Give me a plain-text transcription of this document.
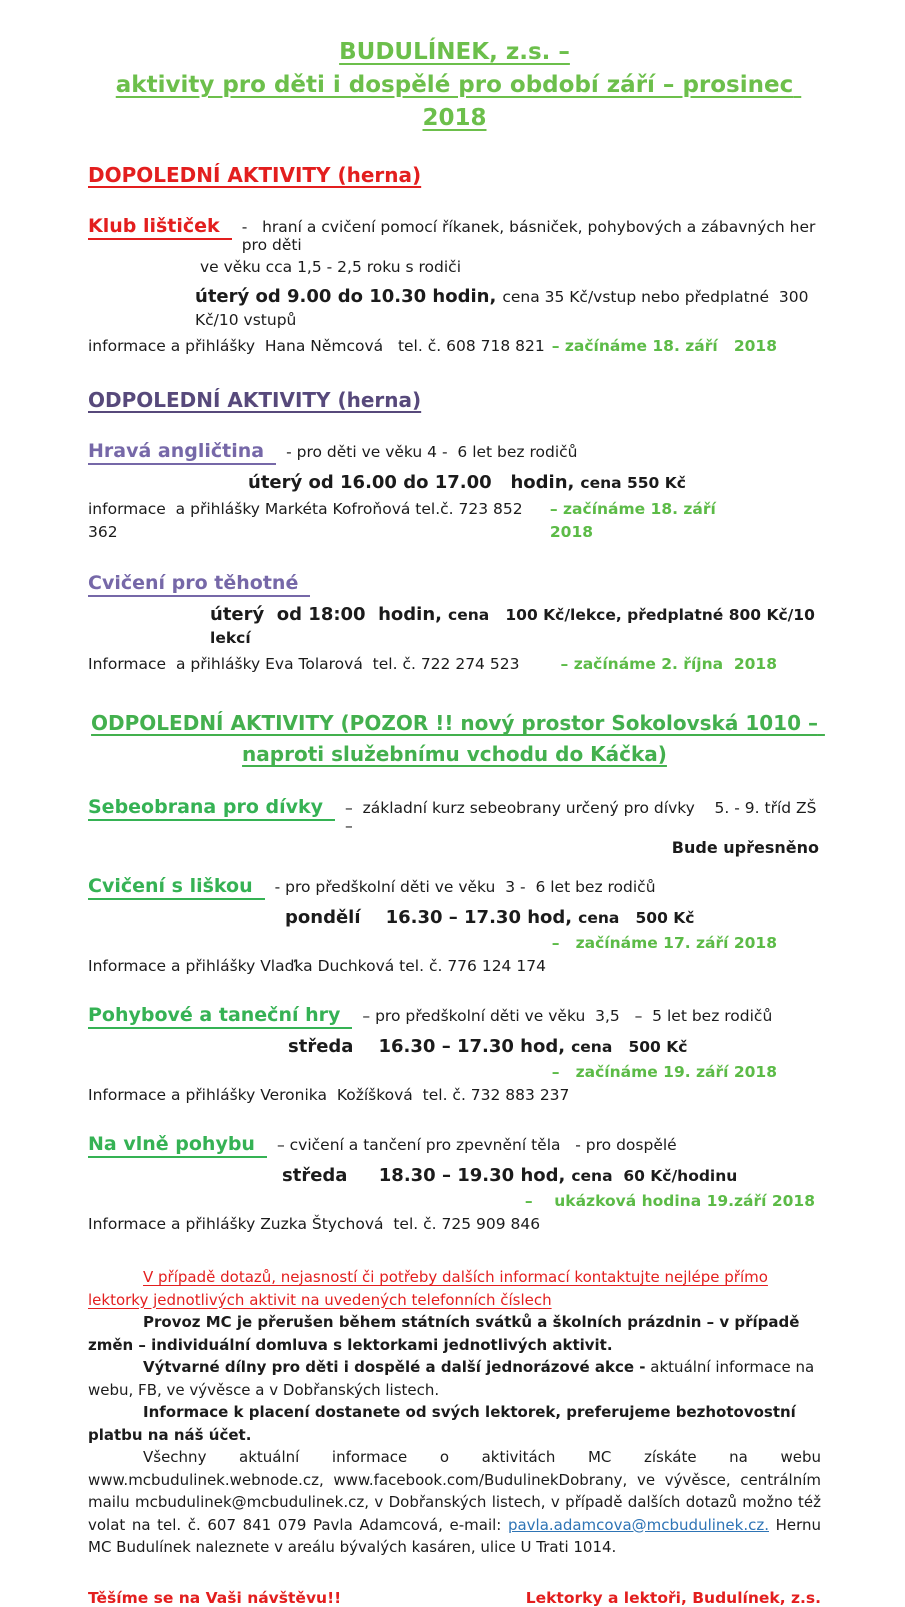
BUDULÍNEK, z.s. –
aktivity pro děti i dospělé pro období září – prosinec 2018
DOPOLEDNÍ AKTIVITY (herna)
Klub lištiček	-   hraní a cvičení pomocí říkanek, básniček, pohybových a zábavných her pro děti
ve věku cca 1,5 - 2,5 roku s rodiči
úterý od 9.00 do 10.30 hodin, cena 35 Kč/vstup nebo předplatné  300 Kč/10 vstupů
informace a přihlášky  Hana Němcová   tel. č. 608 718 821 – začínáme 18. září   2018
ODPOLEDNÍ AKTIVITY (herna)
Hravá angličtina	- pro děti ve věku 4 -  6 let bez rodičů
úterý od 16.00 do 17.00   hodin, cena 550 Kč
informace  a přihlášky Markéta Kofroňová tel.č. 723 852 362
– začínáme 18. září    2018
Cvičení pro těhotné
úterý  od 18:00  hodin, cena   100 Kč/lekce, předplatné 800 Kč/10 lekcí
Informace  a přihlášky Eva Tolarová  tel. č. 722 274 523	– začínáme 2. října  2018
ODPOLEDNÍ AKTIVITY (POZOR !! nový prostor Sokolovská 1010 – naproti služebnímu vchodu do Káčka)
Sebeobrana pro dívky	–  základní kurz sebeobrany určený pro dívky    5. - 9. tříd ZŠ –
Bude upřesněno
Cvičení s liškou	- pro předškolní děti ve věku  3 -  6 let bez rodičů
pondělí    16.30 – 17.30 hod, cena   500 Kč
–   začínáme 17. září 2018
Informace a přihlášky Vlaďka Duchková tel. č. 776 124 174
Pohybové a taneční hry	– pro předškolní děti ve věku  3,5   –  5 let bez rodičů
středa    16.30 – 17.30 hod, cena   500 Kč
–   začínáme 19. září 2018
Informace a přihlášky Veronika  Kožíšková  tel. č. 732 883 237
Na vlně pohybu	– cvičení a tančení pro zpevnění těla   - pro dospělé
středa     18.30 – 19.30 hod, cena  60 Kč/hodinu
–    ukázková hodina 19.září 2018
Informace a přihlášky Zuzka Štychová  tel. č. 725 909 846

V případě dotazů, nejasností či potřeby dalších informací kontaktujte nejlépe přímo lektorky jednotlivých aktivit na uvedených telefonních číslech

Provoz MC je přerušen během státních svátků a školních prázdnin – v případě změn – individuální domluva s lektorkami jednotlivých aktivit.

Výtvarné dílny pro děti i dospělé a další jednorázové akce - aktuální informace na webu, FB, ve vývěsce a v Dobřanských listech.

Informace k placení dostanete od svých lektorek, preferujeme bezhotovostní platbu na náš účet.

Všechny aktuální informace o aktivitách MC získáte na webu www.mcbudulinek.webnode.cz, www.facebook.com/BudulinekDobrany, ve vývěsce, centrálním mailu mcbudulinek@mcbudulinek.cz, v Dobřanských listech, v případě dalších dotazů možno též volat na tel. č. 607 841 079 Pavla Adamcová, e-mail: pavla.adamcova@mcbudulinek.cz. Hernu MC Budulínek naleznete v areálu bývalých kasáren, ulice U Trati 1014.

Těšíme se na Vaši návštěvu!!	Lektorky a lektoři, Budulínek, z.s.
